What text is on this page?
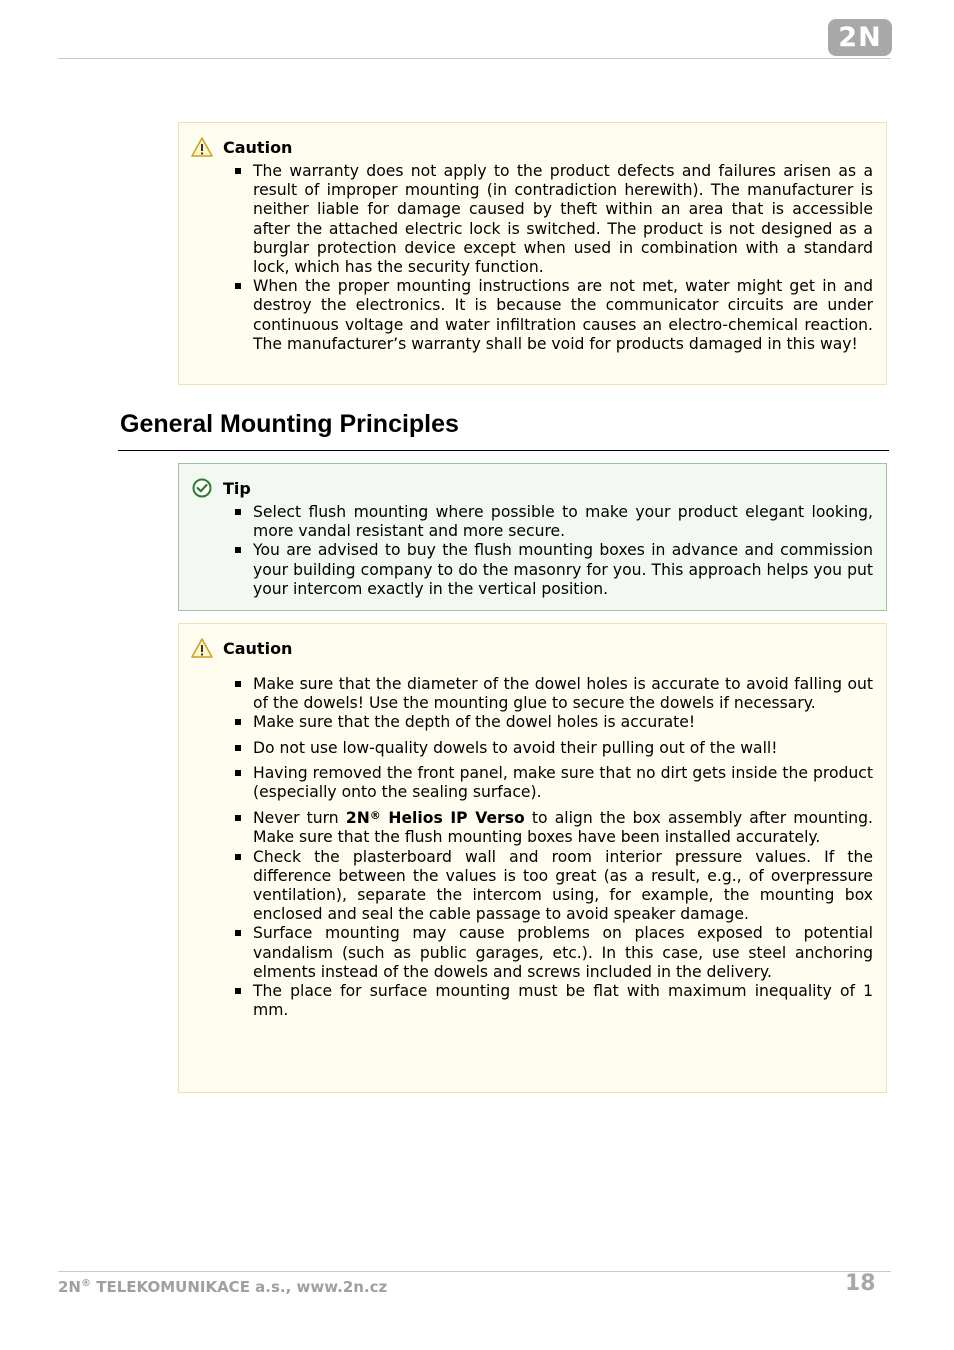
2N
Caution
The warranty does not apply to the product defects and failures arisen as a result of improper mounting (in contradiction herewith). The manufacturer is neither liable for damage caused by theft within an area that is accessible after the attached electric lock is switched. The product is not designed as a burglar protection device except when used in combination with a standard lock, which has the security function.
When the proper mounting instructions are not met, water might get in and destroy the electronics. It is because the communicator circuits are under continuous voltage and water infiltration causes an electro-chemical reaction. The manufacturer’s warranty shall be void for products damaged in this way!
General Mounting Principles
Tip
Select flush mounting where possible to make your product elegant looking, more vandal resistant and more secure.
You are advised to buy the flush mounting boxes in advance and commission your building company to do the masonry for you. This approach helps you put your intercom exactly in the vertical position.
Caution
Make sure that the diameter of the dowel holes is accurate to avoid falling out of the dowels! Use the mounting glue to secure the dowels if necessary.
Make sure that the depth of the dowel holes is accurate!
Do not use low-quality dowels to avoid their pulling out of the wall!
Having removed the front panel, make sure that no dirt gets inside the product (especially onto the sealing surface).
Never turn 2N® Helios IP Verso to align the box assembly after mounting. Make sure that the flush mounting boxes have been installed accurately.
Check the plasterboard wall and room interior pressure values. If the difference between the values is too great (as a result, e.g., of overpressure ventilation), separate the intercom using, for example, the mounting box enclosed and seal the cable passage to avoid speaker damage.
Surface mounting may cause problems on places exposed to potential vandalism (such as public garages, etc.). In this case, use steel anchoring elments instead of the dowels and screws included in the delivery.
The place for surface mounting must be flat with maximum inequality of 1 mm.
2N® TELEKOMUNIKACE a.s., www.2n.cz	18
